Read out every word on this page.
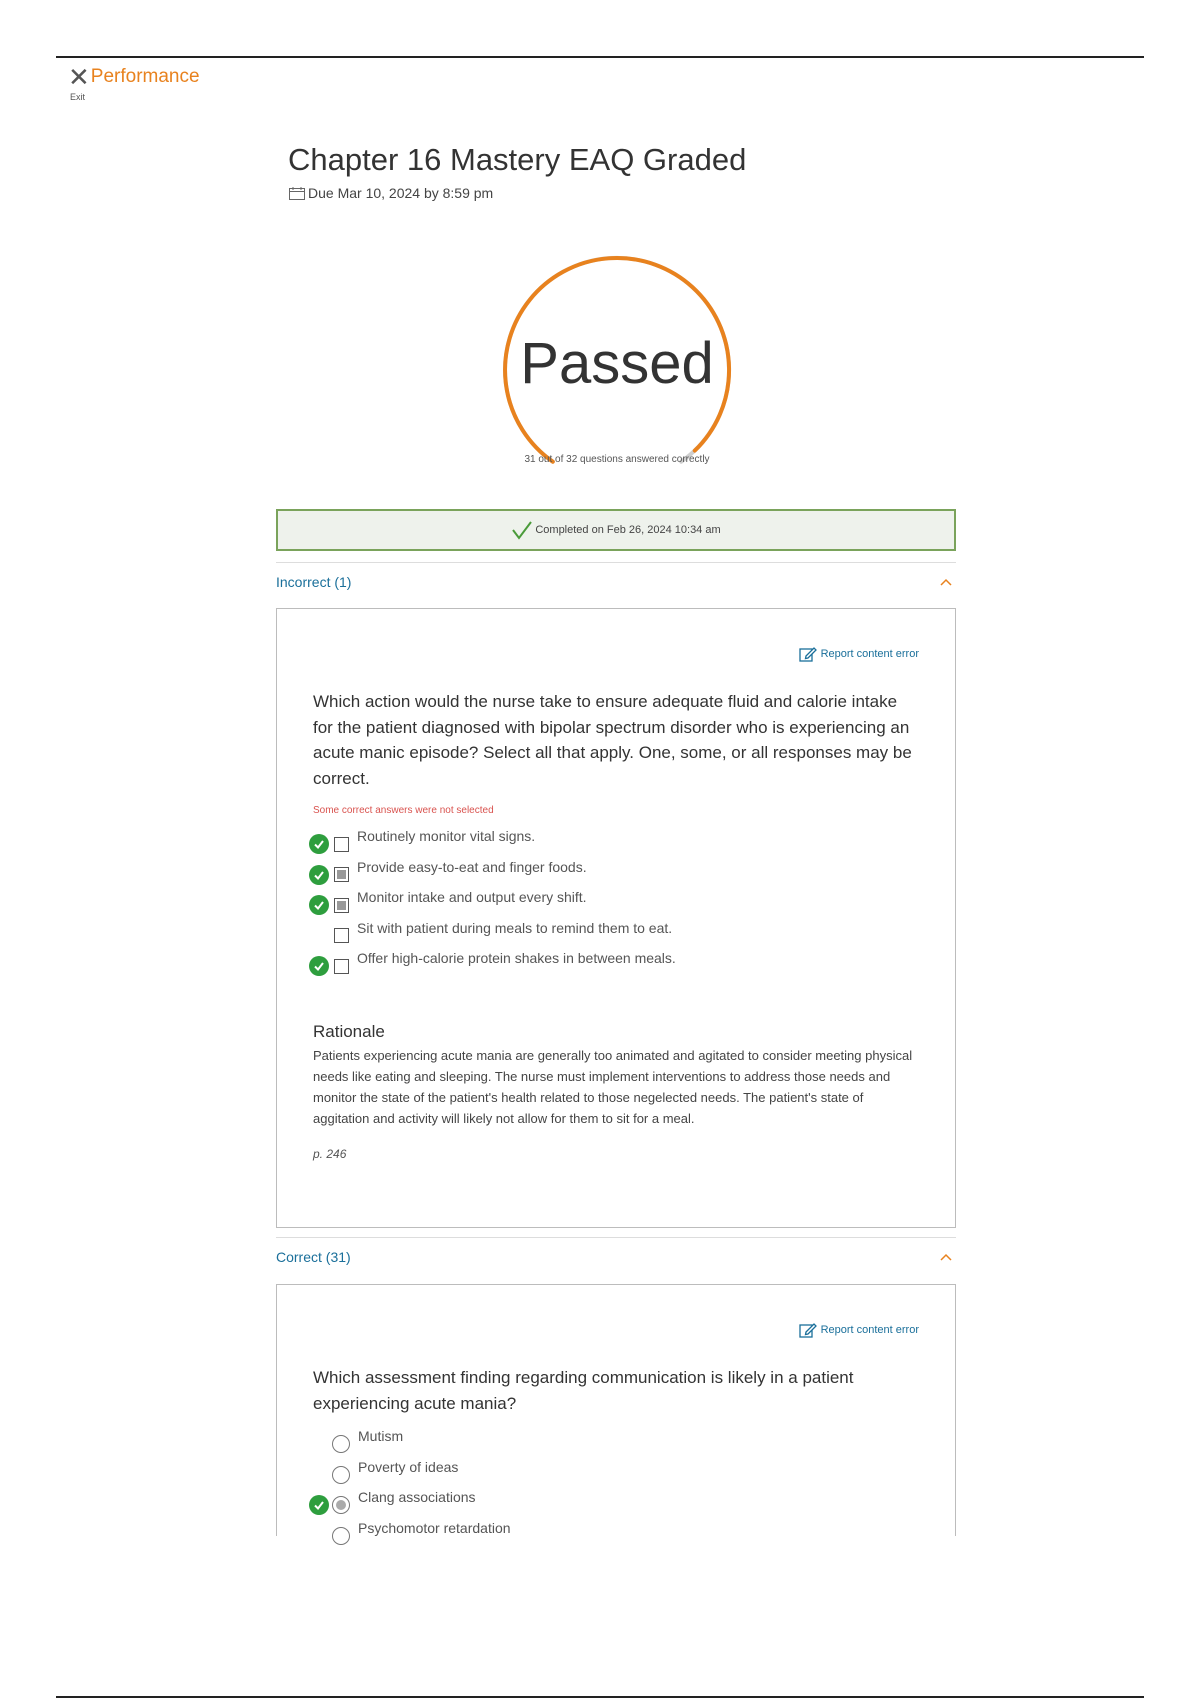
✕ Performance
Exit
Chapter 16 Mastery EAQ Graded
Due Mar 10, 2024 by 8:59 pm
Passed
31 out of 32 questions answered correctly
Completed on Feb 26, 2024 10:34 am
Incorrect (1)
Report content error
Which action would the nurse take to ensure adequate fluid and calorie intake for the patient diagnosed with bipolar spectrum disorder who is experiencing an acute manic episode? Select all that apply. One, some, or all responses may be correct.
Some correct answers were not selected
Routinely monitor vital signs.
Provide easy-to-eat and finger foods.
Monitor intake and output every shift.
Sit with patient during meals to remind them to eat.
Offer high-calorie protein shakes in between meals.
Rationale
Patients experiencing acute mania are generally too animated and agitated to consider meeting physical needs like eating and sleeping. The nurse must implement interventions to address those needs and monitor the state of the patient's health related to those negelected needs. The patient's state of aggitation and activity will likely not allow for them to sit for a meal.
p. 246
Correct (31)
Report content error
Which assessment finding regarding communication is likely in a patient experiencing acute mania?
Mutism
Poverty of ideas
Clang associations
Psychomotor retardation
